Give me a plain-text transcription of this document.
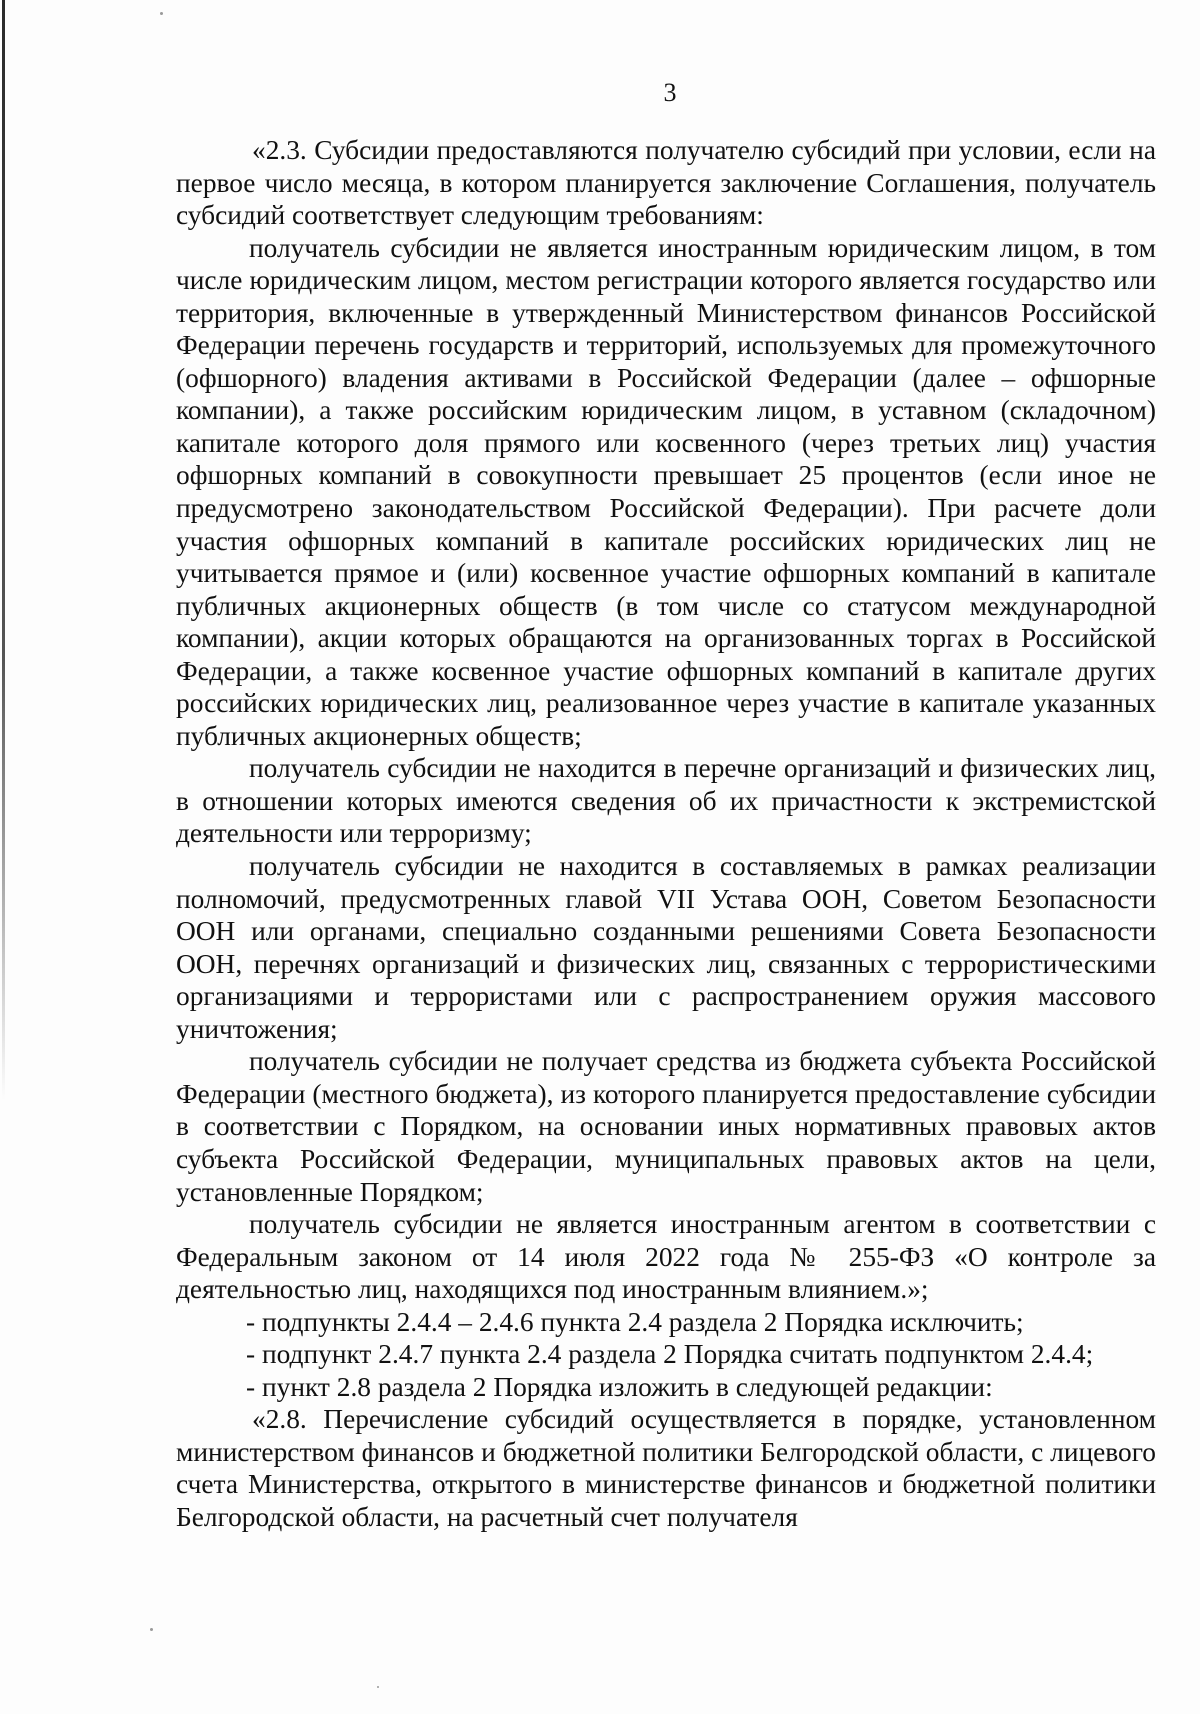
3

«2.3. Субсидии предоставляются получателю субсидий при условии, если на первое число месяца, в котором планируется заключение Соглашения, получатель субсидий соответствует следующим требованиям:

получатель субсидии не является иностранным юридическим лицом, в том числе юридическим лицом, местом регистрации которого является государство или территория, включенные в утвержденный Министерством финансов Российской Федерации перечень государств и территорий, используемых для промежуточного (офшорного) владения активами в Российской Федерации (далее – офшорные компании), а также российским юридическим лицом, в уставном (складочном) капитале которого доля прямого или косвенного (через третьих лиц) участия офшорных компаний в совокупности превышает 25 процентов (если иное не предусмотрено законодательством Российской Федерации). При расчете доли участия офшорных компаний в капитале российских юридических лиц не учитывается прямое и (или) косвенное участие офшорных компаний в капитале публичных акционерных обществ (в том числе со статусом международной компании), акции которых обращаются на организованных торгах в Российской Федерации, а также косвенное участие офшорных компаний в капитале других российских юридических лиц, реализованное через участие в капитале указанных публичных акционерных обществ;

получатель субсидии не находится в перечне организаций и физических лиц, в отношении которых имеются сведения об их причастности к экстремистской деятельности или терроризму;

получатель субсидии не находится в составляемых в рамках реализации полномочий, предусмотренных главой VII Устава ООН, Советом Безопасности ООН или органами, специально созданными решениями Совета Безопасности ООН, перечнях организаций и физических лиц, связанных с террористическими организациями и террористами или с распространением оружия массового уничтожения;

получатель субсидии не получает средства из бюджета субъекта Российской Федерации (местного бюджета), из которого планируется предоставление субсидии в соответствии с Порядком, на основании иных нормативных правовых актов субъекта Российской Федерации, муниципальных правовых актов на цели, установленные Порядком;

получатель субсидии не является иностранным агентом в соответствии с Федеральным законом от 14 июля 2022 года № 255-ФЗ «О контроле за деятельностью лиц, находящихся под иностранным влиянием.»;

- подпункты 2.4.4 – 2.4.6 пункта 2.4 раздела 2 Порядка исключить;

- подпункт 2.4.7 пункта 2.4 раздела 2 Порядка считать подпунктом 2.4.4;

- пункт 2.8 раздела 2 Порядка изложить в следующей редакции:

«2.8. Перечисление субсидий осуществляется в порядке, установленном министерством финансов и бюджетной политики Белгородской области, с лицевого счета Министерства, открытого в министерстве финансов и бюджетной политики Белгородской области, на расчетный счет получателя
